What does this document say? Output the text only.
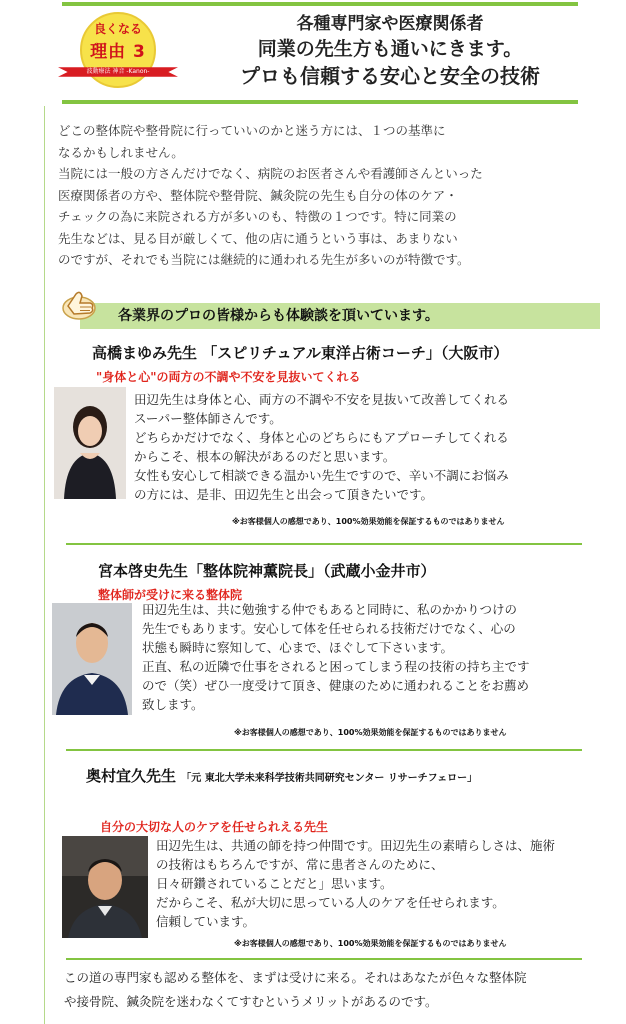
良くなる
理由 3
波動療法 神音 -Kanon-
各種専門家や医療関係者
同業の先生方も通いにきます。
プロも信頼する安心と安全の技術

どこの整体院や整骨院に行っていいのかと迷う方には、１つの基準に

なるかもしれません。

当院には一般の方さんだけでなく、病院のお医者さんや看護師さんといった

医療関係者の方や、整体院や整骨院、鍼灸院の先生も自分の体のケア・

チェックの為に来院される方が多いのも、特徴の１つです。特に同業の

先生などは、見る目が厳しくて、他の店に通うという事は、あまりない

のですが、それでも当院には継続的に通われる先生が多いのが特徴です。

各業界のプロの皆様からも体験談を頂いています。
高橋まゆみ先生 「スピリチュアル東洋占術コーチ」（大阪市）
"身体と心"の両方の不調や不安を見抜いてくれる

田辺先生は身体と心、両方の不調や不安を見抜いて改善してくれる

スーパー整体師さんです。

どちらかだけでなく、身体と心のどちらにもアプローチしてくれる

からこそ、根本の解決があるのだと思います。

女性も安心して相談できる温かい先生ですので、辛い不調にお悩み

の方には、是非、田辺先生と出会って頂きたいです。

※お客様個人の感想であり、100%効果効能を保証するものではありません
宮本啓史先生「整体院神薫院長」（武蔵小金井市）
整体師が受けに来る整体院

田辺先生は、共に勉強する仲でもあると同時に、私のかかりつけの

先生でもあります。安心して体を任せられる技術だけでなく、心の

状態も瞬時に察知して、心まで、ほぐして下さいます。

正直、私の近隣で仕事をされると困ってしまう程の技術の持ち主です

ので（笑）ぜひ一度受けて頂き、健康のために通われることをお薦め

致します。

※お客様個人の感想であり、100%効果効能を保証するものではありません
奥村宜久先生 「元 東北大学未来科学技術共同研究センター リサーチフェロー」
自分の大切な人のケアを任せられえる先生

田辺先生は、共通の師を持つ仲間です。田辺先生の素晴らしさは、施術

の技術はもちろんですが、常に患者さんのために、

日々研鑽されていることだと」思います。

だからこそ、私が大切に思っている人のケアを任せられます。

信頼しています。

※お客様個人の感想であり、100%効果効能を保証するものではありません

この道の専門家も認める整体を、まずは受けに来る。それはあなたが色々な整体院

や接骨院、鍼灸院を迷わなくてすむというメリットがあるのです。
